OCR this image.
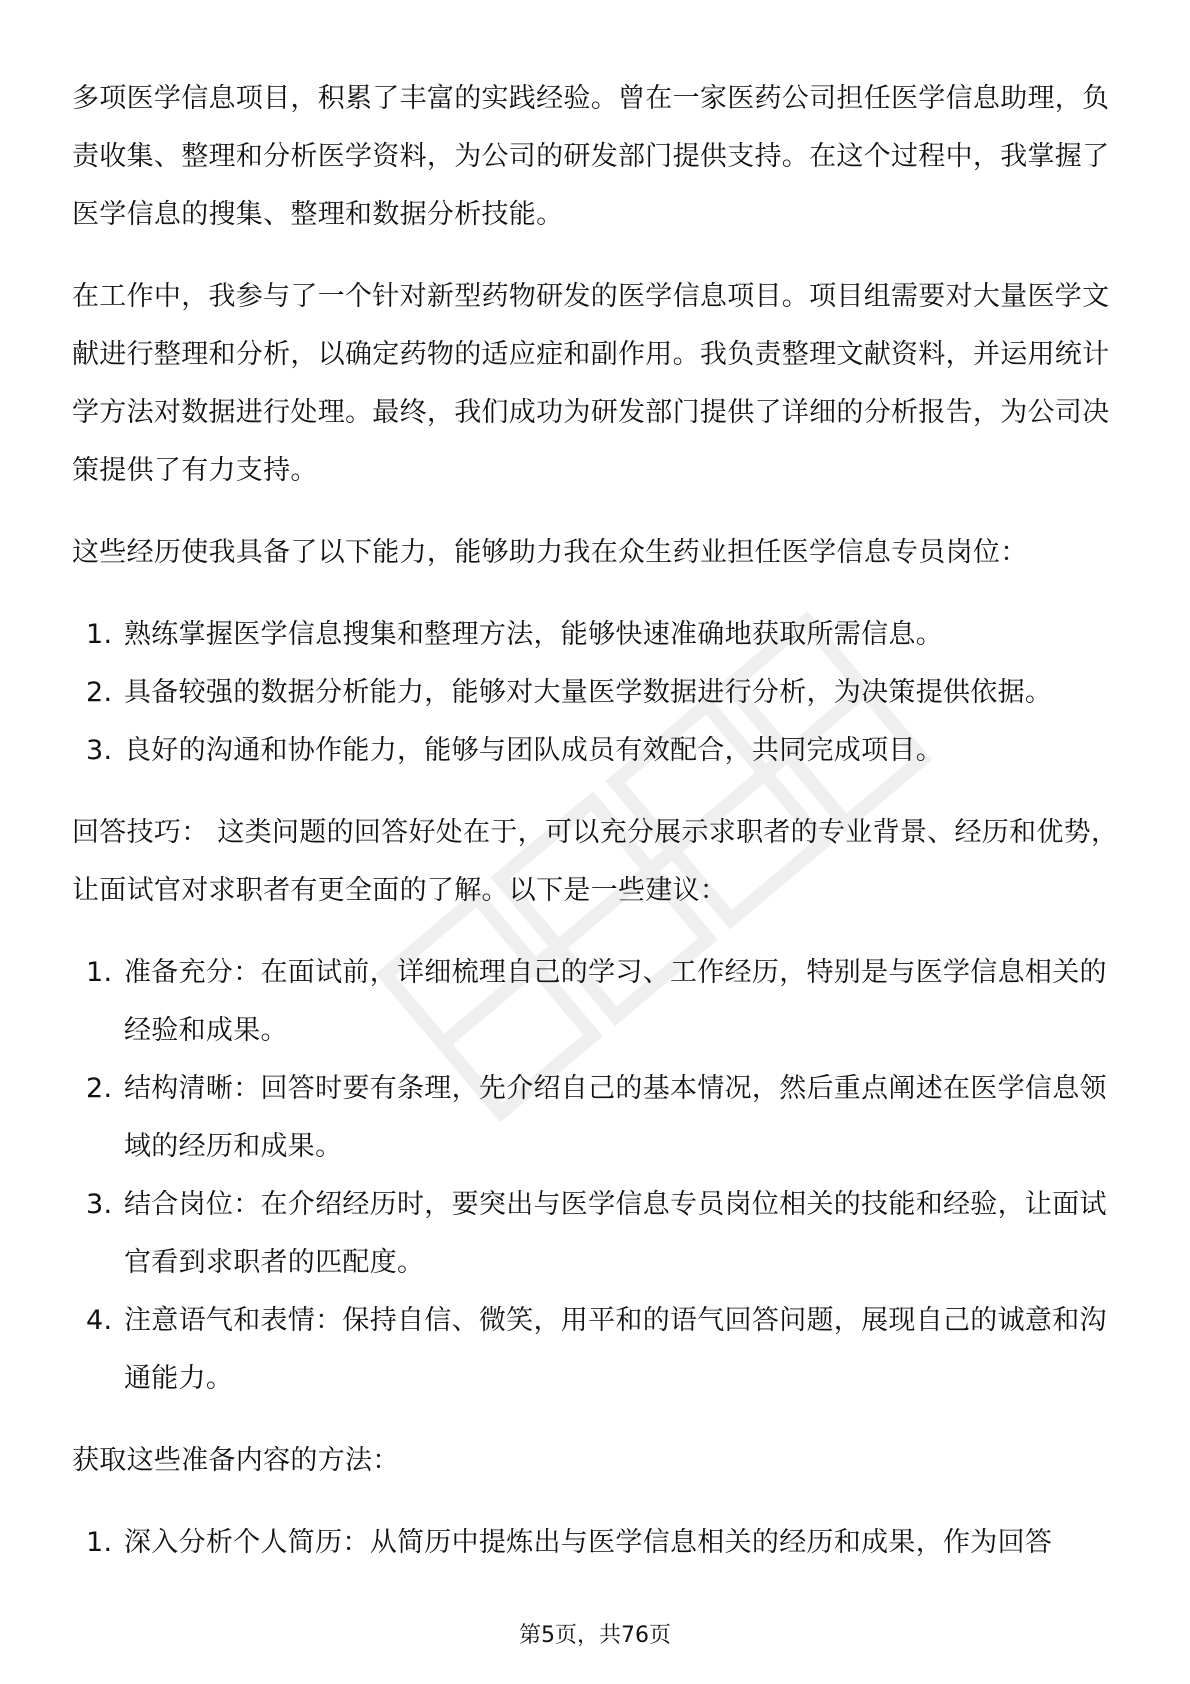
多项医学信息项目，积累了丰富的实践经验。曾在一家医药公司担任医学信息助理，负责收集、整理和分析医学资料，为公司的研发部门提供支持。在这个过程中，我掌握了医学信息的搜集、整理和数据分析技能。

在工作中，我参与了一个针对新型药物研发的医学信息项目。项目组需要对大量医学文献进行整理和分析，以确定药物的适应症和副作用。我负责整理文献资料，并运用统计学方法对数据进行处理。最终，我们成功为研发部门提供了详细的分析报告，为公司决策提供了有力支持。

这些经历使我具备了以下能力，能够助力我在众生药业担任医学信息专员岗位：

1. 熟练掌握医学信息搜集和整理方法，能够快速准确地获取所需信息。
2. 具备较强的数据分析能力，能够对大量医学数据进行分析，为决策提供依据。
3. 良好的沟通和协作能力，能够与团队成员有效配合，共同完成项目。

回答技巧： 这类问题的回答好处在于，可以充分展示求职者的专业背景、经历和优势，让面试官对求职者有更全面的了解。以下是一些建议：

1. 准备充分：在面试前，详细梳理自己的学习、工作经历，特别是与医学信息相关的经验和成果。
2. 结构清晰：回答时要有条理，先介绍自己的基本情况，然后重点阐述在医学信息领域的经历和成果。
3. 结合岗位：在介绍经历时，要突出与医学信息专员岗位相关的技能和经验，让面试官看到求职者的匹配度。
4. 注意语气和表情：保持自信、微笑，用平和的语气回答问题，展现自己的诚意和沟通能力。

获取这些准备内容的方法：

1. 深入分析个人简历：从简历中提炼出与医学信息相关的经历和成果，作为回答
第5页，共76页
